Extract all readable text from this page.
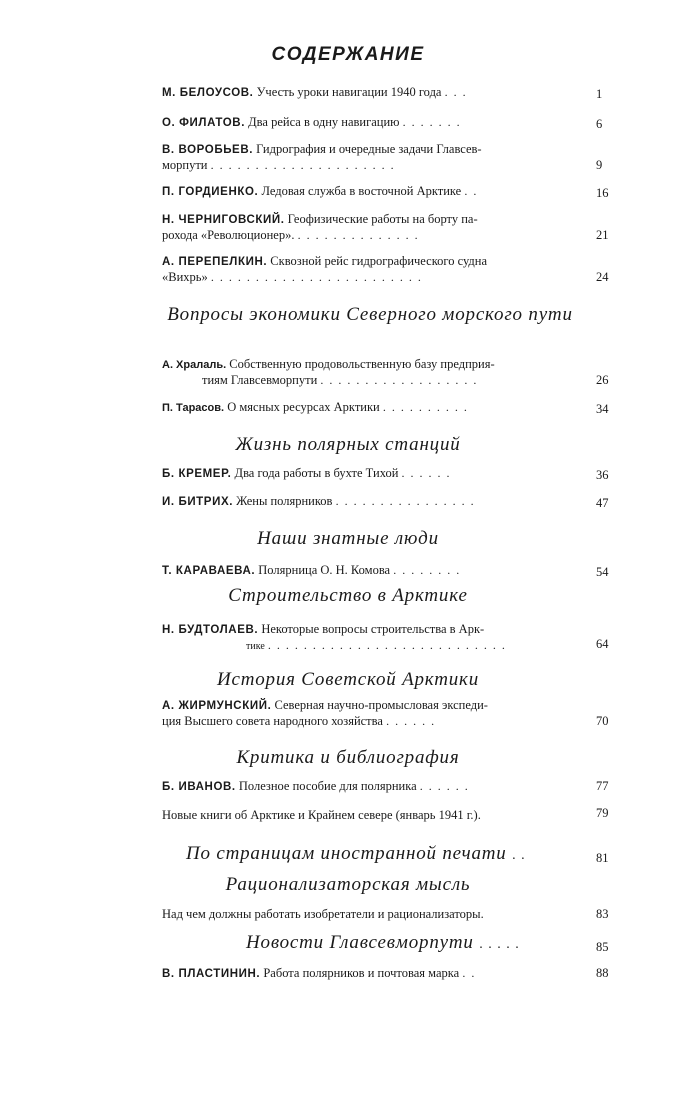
СОДЕРЖАНИЕ
М. БЕЛОУСОВ. Учесть уроки навигации 1940 года . . .	1
О. ФИЛАТОВ. Два рейса в одну навигацию . . . . . . .	6
В. ВОРОБЬЕВ. Гидрография и очередные задачи Главсев-
морпути . . . . . . . . . . . . . . . . . . . . .	9
П. ГОРДИЕНКО. Ледовая служба в восточной Арктике . .	16
Н. ЧЕРНИГОВСКИЙ. Геофизические работы на борту па-
рохода «Революционер». . . . . . . . . . . . . . .	21
А. ПЕРЕПЕЛКИН. Сквозной рейс гидрографического судна
«Вихрь» . . . . . . . . . . . . . . . . . . . . . . . .	24
Вопросы экономики Северного морского пути
А. Хралаль. Собственную продовольственную базу предприя-
тиям Главсевморпути . . . . . . . . . . . . . . . . . .	26
П. Тарасов. О мясных ресурсах Арктики . . . . . . . . . .	34
Жизнь полярных станций
Б. КРЕМЕР. Два года работы в бухте Тихой . . . . . .	36
И. БИТРИХ. Жены полярников . . . . . . . . . . . . . . . .	47
Наши знатные люди
Т. КАРАВАЕВА. Полярница О. Н. Комова . . . . . . . .	54
Строительство в Арктике
Н. БУДТОЛАЕВ. Некоторые вопросы строительства в Арк-
тике . . . . . . . . . . . . . . . . . . . . . . . . . . .	64
История Советской Арктики
А. ЖИРМУНСКИЙ. Северная научно-промысловая экспеди-
ция Высшего совета народного хозяйства . . . . . .	70
Критика и библиография
Б. ИВАНОВ. Полезное пособие для полярника . . . . . .	77
Новые книги об Арктике и Крайнем севере (январь 1941 г.).	79
По страницам иностранной печати . .	81
Рационализаторская мысль
Над чем должны работать изобретатели и рационализаторы.	83
Новости Главсевморпути . . . . .	85
В. ПЛАСТИНИН. Работа полярников и почтовая марка . .	88
